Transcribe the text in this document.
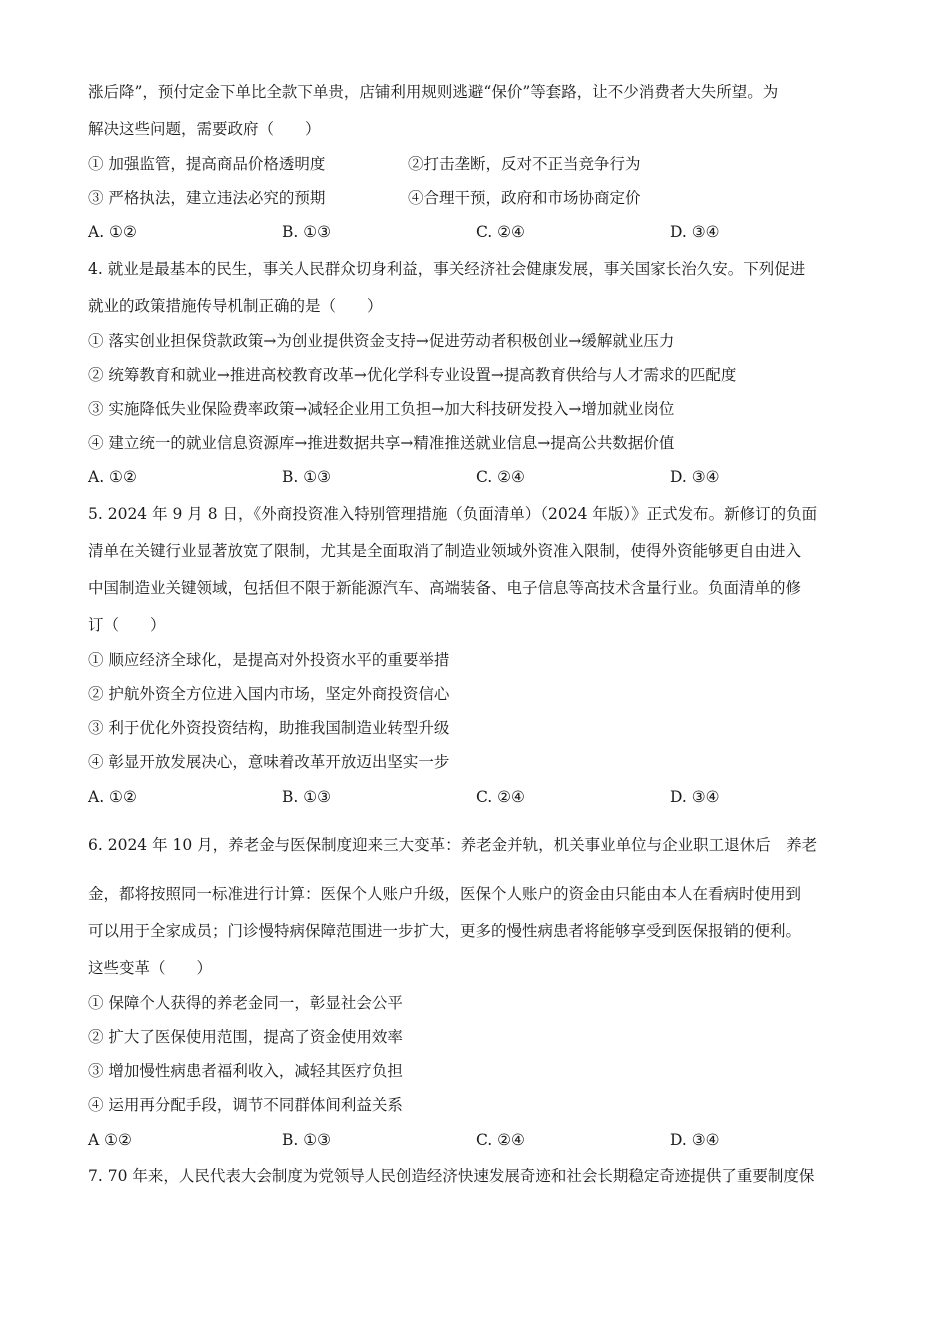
涨后降”，预付定金下单比全款下单贵，店铺利用规则逃避“保价”等套路，让不少消费者大失所望。为
解决这些问题，需要政府（　　）
① 加强监管，提高商品价格透明度	②打击垄断，反对不正当竞争行为
③ 严格执法，建立违法必究的预期	④合理干预，政府和市场协商定价
A. ①②	B. ①③	C. ②④	D. ③④
4. 就业是最基本的民生，事关人民群众切身利益，事关经济社会健康发展，事关国家长治久安。下列促进
就业的政策措施传导机制正确的是（　　）
① 落实创业担保贷款政策→为创业提供资金支持→促进劳动者积极创业→缓解就业压力
② 统筹教育和就业→推进高校教育改革→优化学科专业设置→提高教育供给与人才需求的匹配度
③ 实施降低失业保险费率政策→减轻企业用工负担→加大科技研发投入→增加就业岗位
④ 建立统一的就业信息资源库→推进数据共享→精准推送就业信息→提高公共数据价值
A. ①②	B. ①③	C. ②④	D. ③④
5. 2024 年 9 月 8 日，《外商投资准入特别管理措施（负面清单）（2024 年版）》正式发布。新修订的负面
清单在关键行业显著放宽了限制，尤其是全面取消了制造业领域外资准入限制，使得外资能够更自由进入
中国制造业关键领域，包括但不限于新能源汽车、高端装备、电子信息等高技术含量行业。负面清单的修
订（　　）
① 顺应经济全球化，是提高对外投资水平的重要举措
② 护航外资全方位进入国内市场，坚定外商投资信心
③ 利于优化外资投资结构，助推我国制造业转型升级
④ 彰显开放发展决心，意味着改革开放迈出坚实一步
A. ①②	B. ①③	C. ②④	D. ③④
6. 2024 年 10 月，养老金与医保制度迎来三大变革：养老金并轨，机关事业单位与企业职工退休后　养老
金，都将按照同一标准进行计算：医保个人账户升级，医保个人账户的资金由只能由本人在看病时使用到
可以用于全家成员；门诊慢特病保障范围进一步扩大，更多的慢性病患者将能够享受到医保报销的便利。
这些变革（　　）
① 保障个人获得的养老金同一，彰显社会公平
② 扩大了医保使用范围，提高了资金使用效率
③ 增加慢性病患者福利收入，减轻其医疗负担
④ 运用再分配手段，调节不同群体间利益关系
A ①②	B. ①③	C. ②④	D. ③④
7. 70 年来，人民代表大会制度为党领导人民创造经济快速发展奇迹和社会长期稳定奇迹提供了重要制度保
